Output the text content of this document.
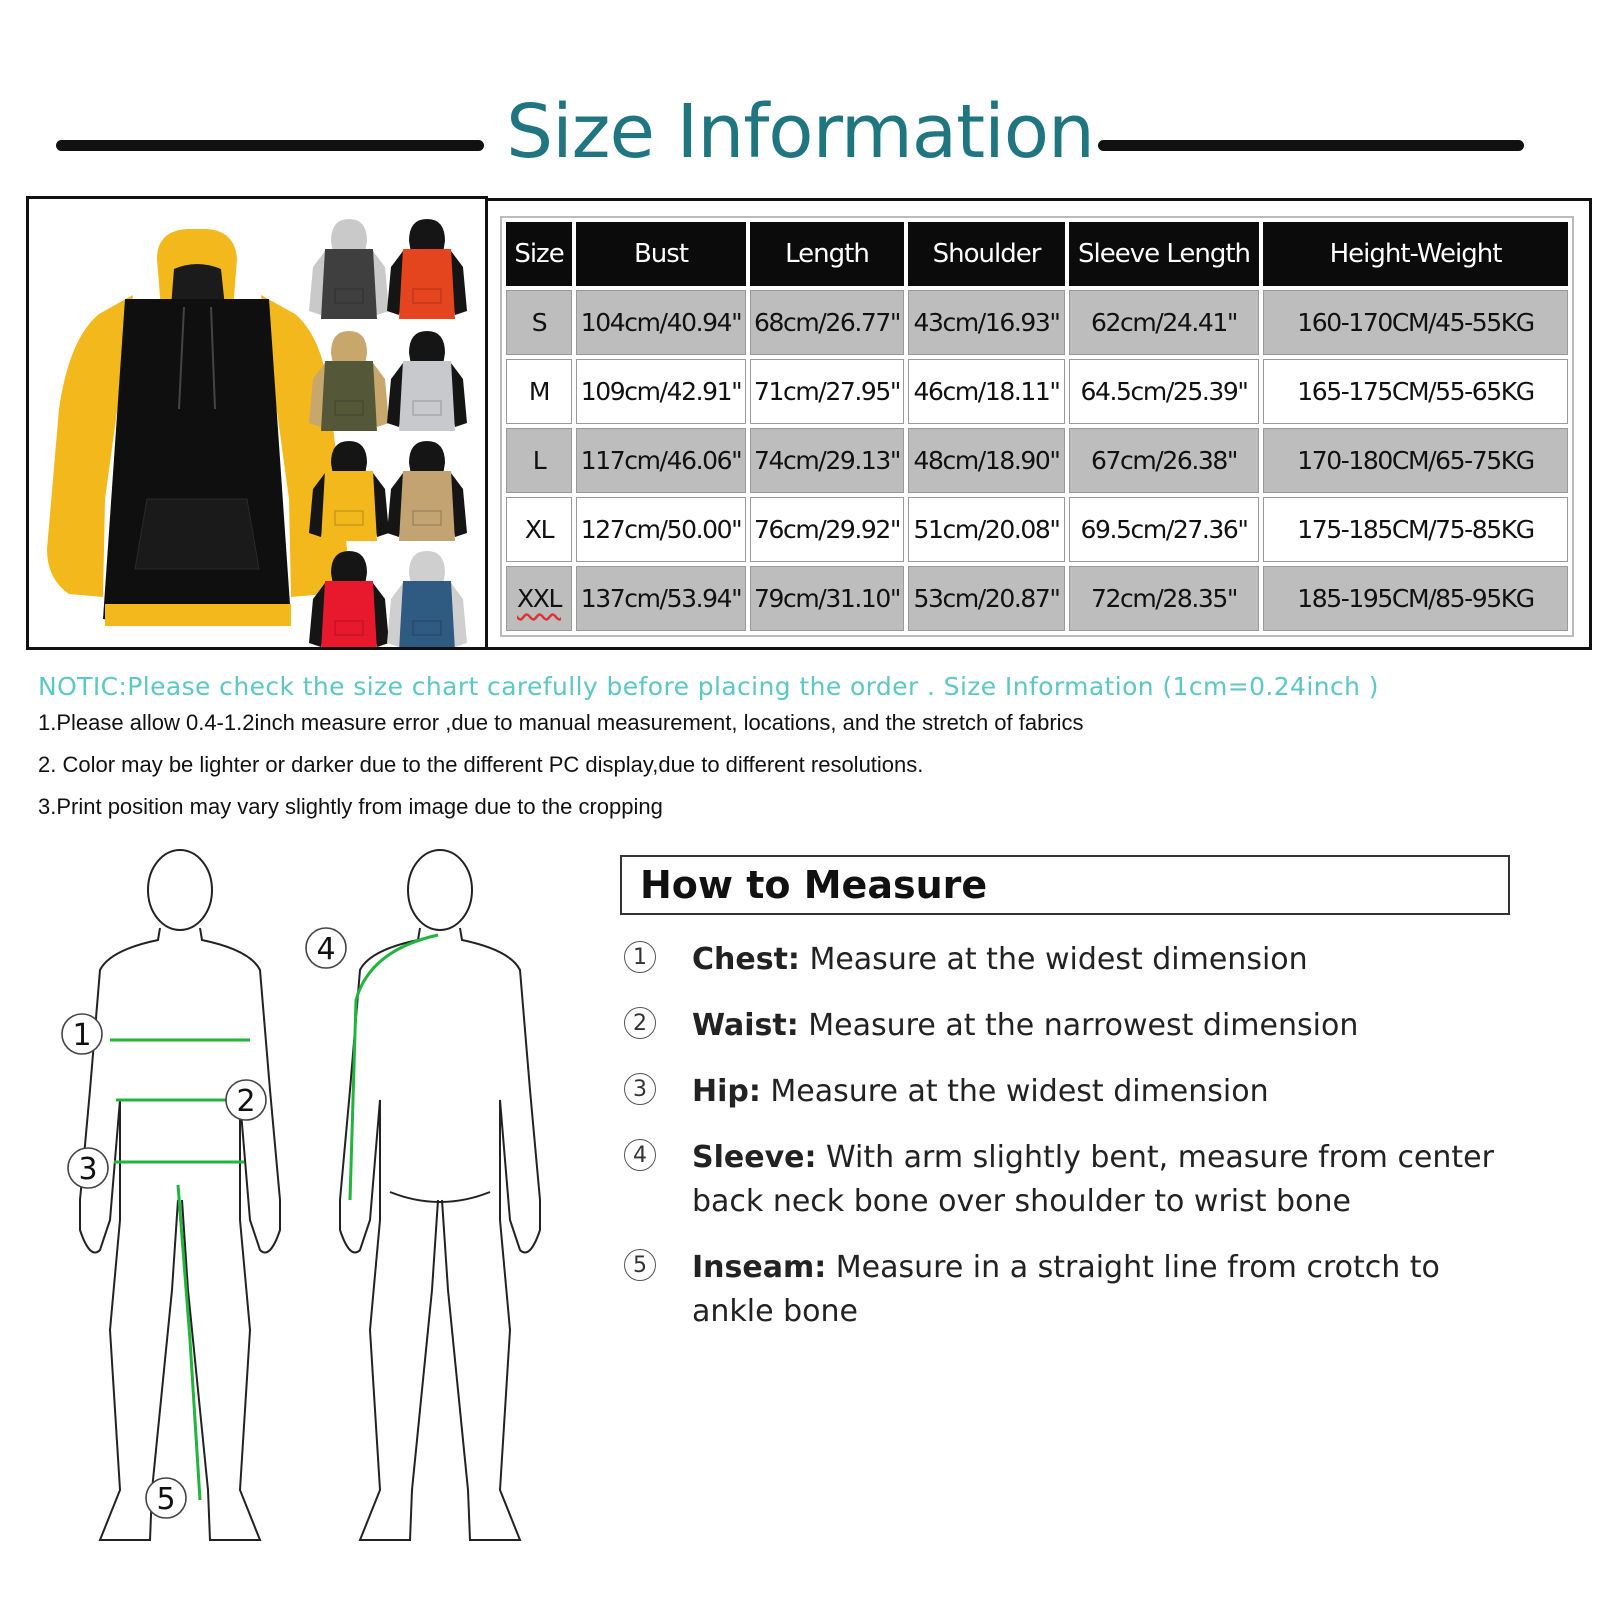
Size Information
Size	Bust	Length	Shoulder	Sleeve Length	Height-Weight
S	104cm/40.94"	68cm/26.77"	43cm/16.93"	62cm/24.41"	160-170CM/45-55KG
M	109cm/42.91"	71cm/27.95"	46cm/18.11"	64.5cm/25.39"	165-175CM/55-65KG
L	117cm/46.06"	74cm/29.13"	48cm/18.90"	67cm/26.38"	170-180CM/65-75KG
XL	127cm/50.00"	76cm/29.92"	51cm/20.08"	69.5cm/27.36"	175-185CM/75-85KG
XXL	137cm/53.94"	79cm/31.10"	53cm/20.87"	72cm/28.35"	185-195CM/85-95KG
NOTIC:Please check the size chart carefully before placing the order . Size Information (1cm=0.24inch )
1.Please allow 0.4-1.2inch measure error ,due to manual measurement, locations, and the stretch of fabrics
2. Color may be lighter or darker due to the different PC display,due to different resolutions.
3.Print position may vary slightly from image due to the cropping
1
2
3
4
5
How to Measure
1	Chest: Measure at the widest dimension
2	Waist: Measure at the narrowest dimension
3	Hip: Measure at the widest dimension
4	Sleeve: With arm slightly bent, measure from center back neck bone over shoulder to wrist bone
5	Inseam: Measure in a straight line from crotch to ankle bone
